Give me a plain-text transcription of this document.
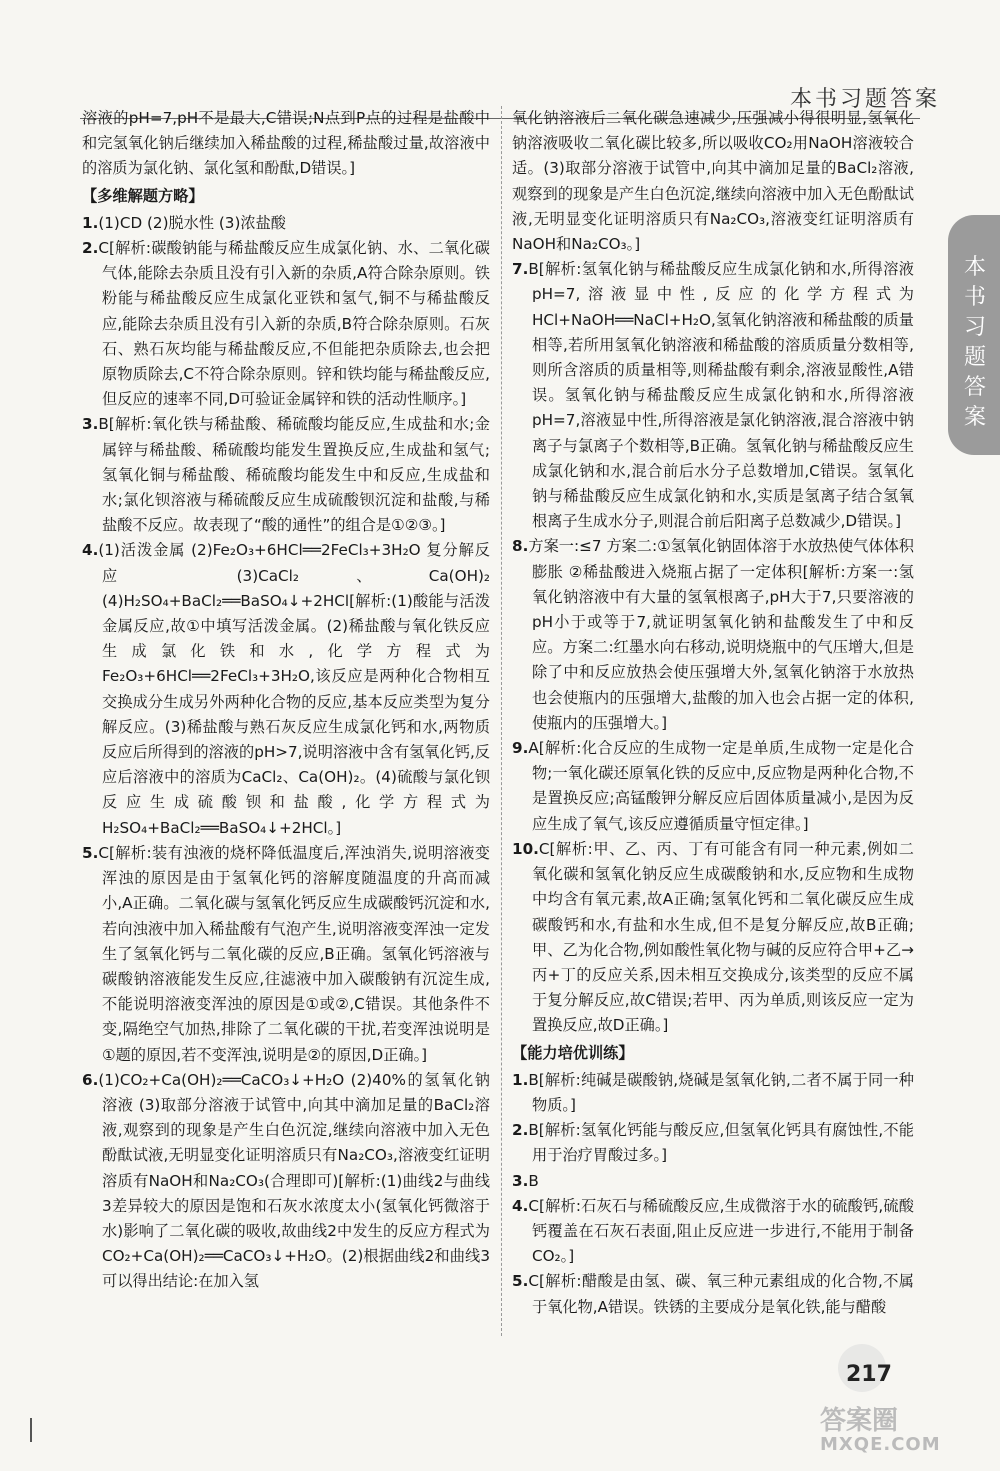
本书习题答案
本书习题答案

溶液的pH=7,pH不是最大,C错误;N点到P点的过程是盐酸中和完氢氧化钠后继续加入稀盐酸的过程,稀盐酸过量,故溶液中的溶质为氯化钠、氯化氢和酚酞,D错误。]

【多维解题方略】

1.(1)CD (2)脱水性 (3)浓盐酸

2.C[解析:碳酸钠能与稀盐酸反应生成氯化钠、水、二氧化碳气体,能除去杂质且没有引入新的杂质,A符合除杂原则。铁粉能与稀盐酸反应生成氯化亚铁和氢气,铜不与稀盐酸反应,能除去杂质且没有引入新的杂质,B符合除杂原则。石灰石、熟石灰均能与稀盐酸反应,不但能把杂质除去,也会把原物质除去,C不符合除杂原则。锌和铁均能与稀盐酸反应,但反应的速率不同,D可验证金属锌和铁的活动性顺序。]

3.B[解析:氧化铁与稀盐酸、稀硫酸均能反应,生成盐和水;金属锌与稀盐酸、稀硫酸均能发生置换反应,生成盐和氢气;氢氧化铜与稀盐酸、稀硫酸均能发生中和反应,生成盐和水;氯化钡溶液与稀硫酸反应生成硫酸钡沉淀和盐酸,与稀盐酸不反应。故表现了“酸的通性”的组合是①②③。]

4.(1)活泼金属 (2)Fe₂O₃+6HCl══2FeCl₃+3H₂O 复分解反应 (3)CaCl₂、Ca(OH)₂ (4)H₂SO₄+BaCl₂══BaSO₄↓+2HCl[解析:(1)酸能与活泼金属反应,故①中填写活泼金属。(2)稀盐酸与氧化铁反应生成氯化铁和水,化学方程式为Fe₂O₃+6HCl══2FeCl₃+3H₂O,该反应是两种化合物相互交换成分生成另外两种化合物的反应,基本反应类型为复分解反应。(3)稀盐酸与熟石灰反应生成氯化钙和水,两物质反应后所得到的溶液的pH>7,说明溶液中含有氢氧化钙,反应后溶液中的溶质为CaCl₂、Ca(OH)₂。(4)硫酸与氯化钡反应生成硫酸钡和盐酸,化学方程式为H₂SO₄+BaCl₂══BaSO₄↓+2HCl。]

5.C[解析:装有浊液的烧杯降低温度后,浑浊消失,说明溶液变浑浊的原因是由于氢氧化钙的溶解度随温度的升高而减小,A正确。二氧化碳与氢氧化钙反应生成碳酸钙沉淀和水,若向浊液中加入稀盐酸有气泡产生,说明溶液变浑浊一定发生了氢氧化钙与二氧化碳的反应,B正确。氢氧化钙溶液与碳酸钠溶液能发生反应,往滤液中加入碳酸钠有沉淀生成,不能说明溶液变浑浊的原因是①或②,C错误。其他条件不变,隔绝空气加热,排除了二氧化碳的干扰,若变浑浊说明是①题的原因,若不变浑浊,说明是②的原因,D正确。]

6.(1)CO₂+Ca(OH)₂══CaCO₃↓+H₂O (2)40%的氢氧化钠溶液 (3)取部分溶液于试管中,向其中滴加足量的BaCl₂溶液,观察到的现象是产生白色沉淀,继续向溶液中加入无色酚酞试液,无明显变化证明溶质只有Na₂CO₃,溶液变红证明溶质有NaOH和Na₂CO₃(合理即可)[解析:(1)曲线2与曲线3差异较大的原因是饱和石灰水浓度太小(氢氧化钙微溶于水)影响了二氧化碳的吸收,故曲线2中发生的反应方程式为CO₂+Ca(OH)₂══CaCO₃↓+H₂O。(2)根据曲线2和曲线3可以得出结论:在加入氢

氧化钠溶液后二氧化碳急速减少,压强减小得很明显,氢氧化钠溶液吸收二氧化碳比较多,所以吸收CO₂用NaOH溶液较合适。(3)取部分溶液于试管中,向其中滴加足量的BaCl₂溶液,观察到的现象是产生白色沉淀,继续向溶液中加入无色酚酞试液,无明显变化证明溶质只有Na₂CO₃,溶液变红证明溶质有NaOH和Na₂CO₃。]

7.B[解析:氢氧化钠与稀盐酸反应生成氯化钠和水,所得溶液pH=7,溶液显中性,反应的化学方程式为HCl+NaOH══NaCl+H₂O,氢氧化钠溶液和稀盐酸的质量相等,若所用氢氧化钠溶液和稀盐酸的溶质质量分数相等,则所含溶质的质量相等,则稀盐酸有剩余,溶液显酸性,A错误。氢氧化钠与稀盐酸反应生成氯化钠和水,所得溶液pH=7,溶液显中性,所得溶液是氯化钠溶液,混合溶液中钠离子与氯离子个数相等,B正确。氢氧化钠与稀盐酸反应生成氯化钠和水,混合前后水分子总数增加,C错误。氢氧化钠与稀盐酸反应生成氯化钠和水,实质是氢离子结合氢氧根离子生成水分子,则混合前后阳离子总数减少,D错误。]

8.方案一:≤7 方案二:①氢氧化钠固体溶于水放热使气体体积膨胀 ②稀盐酸进入烧瓶占据了一定体积[解析:方案一:氢氧化钠溶液中有大量的氢氧根离子,pH大于7,只要溶液的pH小于或等于7,就证明氢氧化钠和盐酸发生了中和反应。方案二:红墨水向右移动,说明烧瓶中的气压增大,但是除了中和反应放热会使压强增大外,氢氧化钠溶于水放热也会使瓶内的压强增大,盐酸的加入也会占据一定的体积,使瓶内的压强增大。]

9.A[解析:化合反应的生成物一定是单质,生成物一定是化合物;一氧化碳还原氧化铁的反应中,反应物是两种化合物,不是置换反应;高锰酸钾分解反应后固体质量减小,是因为反应生成了氧气,该反应遵循质量守恒定律。]

10.C[解析:甲、乙、丙、丁有可能含有同一种元素,例如二氧化碳和氢氧化钠反应生成碳酸钠和水,反应物和生成物中均含有氧元素,故A正确;氢氧化钙和二氧化碳反应生成碳酸钙和水,有盐和水生成,但不是复分解反应,故B正确;甲、乙为化合物,例如酸性氧化物与碱的反应符合甲+乙→丙+丁的反应关系,因未相互交换成分,该类型的反应不属于复分解反应,故C错误;若甲、丙为单质,则该反应一定为置换反应,故D正确。]

【能力培优训练】

1.B[解析:纯碱是碳酸钠,烧碱是氢氧化钠,二者不属于同一种物质。]

2.B[解析:氢氧化钙能与酸反应,但氢氧化钙具有腐蚀性,不能用于治疗胃酸过多。]

3.B

4.C[解析:石灰石与稀硫酸反应,生成微溶于水的硫酸钙,硫酸钙覆盖在石灰石表面,阻止反应进一步进行,不能用于制备CO₂。]

5.C[解析:醋酸是由氢、碳、氧三种元素组成的化合物,不属于氧化物,A错误。铁锈的主要成分是氧化铁,能与醋酸

217
答案圈
MXQE.COM
